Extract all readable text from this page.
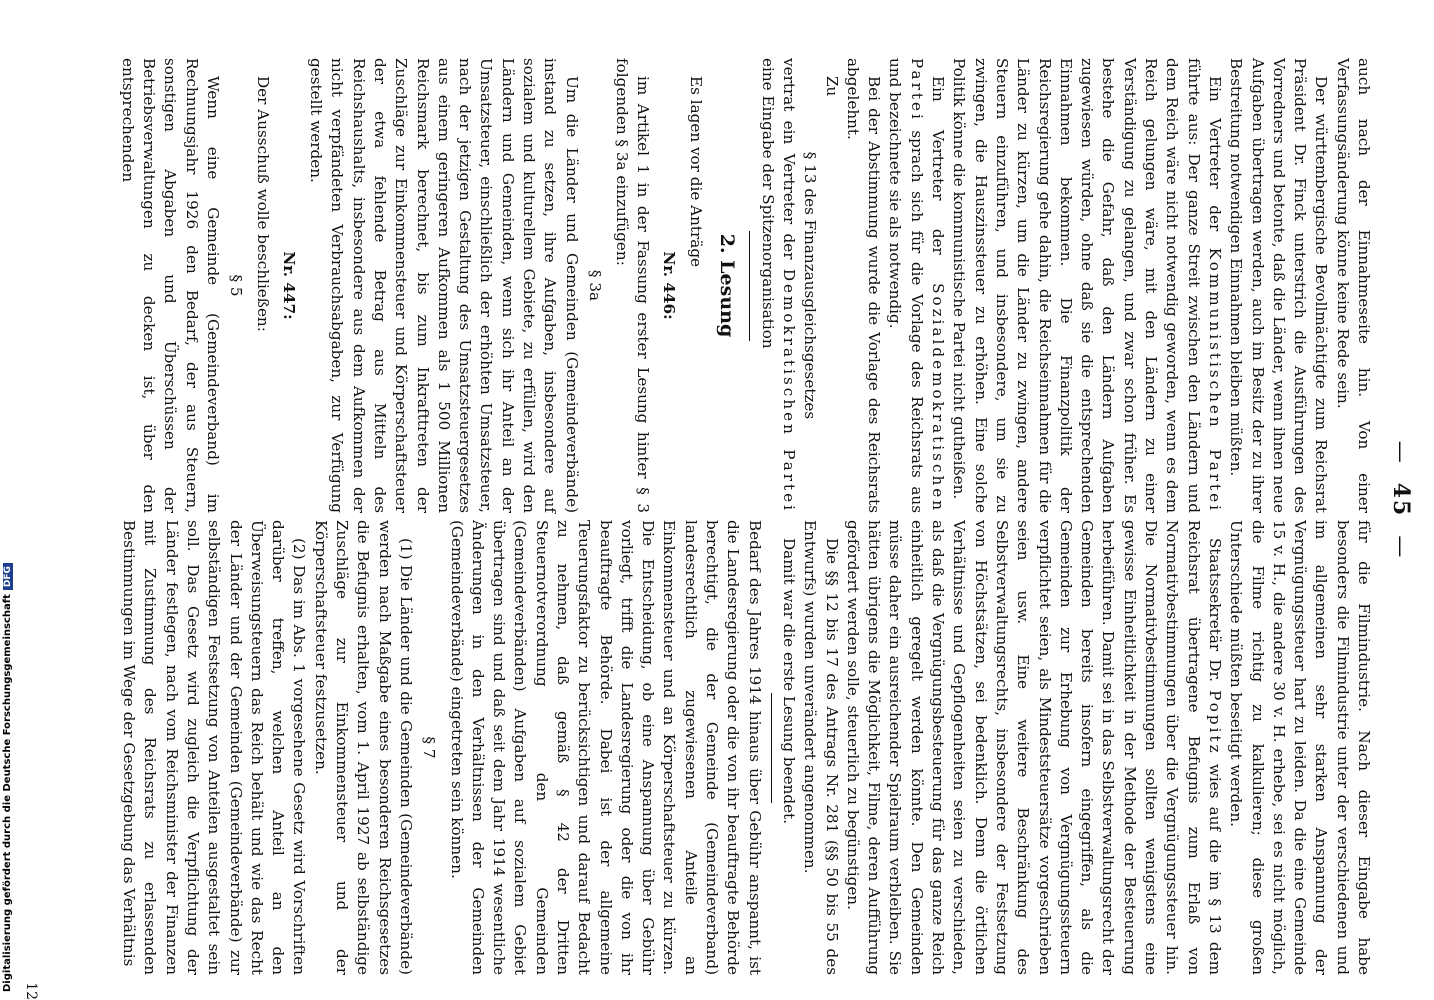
—45—

auch nach der Einnahmeseite hin. Von einer Verfassungsänderung könne keine Rede sein.

Der württembergische Bevollmächtigte zum Reichsrat Präsident Dr. Finck unterstrich die Ausführungen des Vorredners und betonte, daß die Länder, wenn ihnen neue Aufgaben übertragen werden, auch im Besitz der zu ihrer Bestreitung notwendigen Einnahmen bleiben müßten.

Ein Vertreter der Kommunistischen Partei führte aus: Der ganze Streit zwischen den Ländern und dem Reich wäre nicht notwendig geworden, wenn es dem Reich gelungen wäre, mit den Ländern zu einer Verständigung zu gelangen, und zwar schon früher. Es bestehe die Gefahr, daß den Ländern Aufgaben zugewiesen würden, ohne daß sie die entsprechenden Einnahmen bekommen. Die Finanzpolitik der Reichsregierung gehe dahin, die Reichseinnahmen für die Länder zu kürzen, um die Länder zu zwingen, andere Steuern einzuführen, und insbesondere, um sie zu zwingen, die Hauszinssteuer zu erhöhen. Eine solche Politik könne die kommunistische Partei nicht gutheißen.

Ein Vertreter der Sozialdemokratischen Partei sprach sich für die Vorlage des Reichsrats aus und bezeichnete sie als notwendig.

Bei der Abstimmung wurde die Vorlage des Reichsrats abgelehnt.

Zu

§ 13 des Finanzausgleichsgesetzes

vertrat ein Vertreter der Demokratischen Partei eine Eingabe der Spitzenorganisation

2. Lesung

Es lagen vor die Anträge

Nr. 446:

im Artikel 1 in der Fassung erster Lesung hinter § 3 folgenden § 3a einzufügen:

§ 3a

Um die Länder und Gemeinden (Gemeindeverbände) instand zu setzen, ihre Aufgaben, insbesondere auf sozialem und kulturellem Gebiete, zu erfüllen, wird den Ländern und Gemeinden, wenn sich ihr Anteil an der Umsatzsteuer, einschließlich der erhöhten Umsatzsteuer, nach der jetzigen Gestaltung des Umsatzsteuergesetzes aus einem geringeren Aufkommen als 1 500 Millionen Reichsmark berechnet, bis zum Inkrafttreten der Zuschläge zur Einkommensteuer und Körperschaftsteuer der etwa fehlende Betrag aus Mitteln des Reichshaushalts, insbesondere aus dem Aufkommen der nicht verpfändeten Verbrauchsabgaben, zur Verfügung gestellt werden.

Nr. 447:

Der Ausschuß wolle beschließen:

§ 5

Wenn eine Gemeinde (Gemeindeverband) im Rechnungsjahr 1926 den Bedarf, der aus Steuern, sonstigen Abgaben und Überschüssen der Betriebsverwaltungen zu decken ist, über den entsprechenden

für die Filmindustrie. Nach dieser Eingabe habe besonders die Filmindustrie unter der verschiedenen und im allgemeinen sehr starken Anspannung der Vergnügungssteuer hart zu leiden. Da die eine Gemeinde 15 v. H., die andere 30 v. H. erhebe, sei es nicht möglich, die Filme richtig zu kalkulieren; diese großen Unterschiede müßten beseitigt werden.

Staatssekretär Dr. Popitz wies auf die im § 13 dem Reichsrat übertragene Befugnis zum Erlaß von Normativbestimmungen über die Vergnügungssteuer hin. Die Normativbestimmungen sollten wenigstens eine gewisse Einheitlichkeit in der Methode der Besteuerung herbeiführen. Damit sei in das Selbstverwaltungsrecht der Gemeinden bereits insofern eingegriffen, als die Gemeinden zur Erhebung von Vergnügungssteuern verpflichtet seien, als Mindeststeuersätze vorgeschrieben seien usw. Eine weitere Beschränkung des Selbstverwaltungsrechts, insbesondere der Festsetzung von Höchstsätzen, sei bedenklich. Denn die örtlichen Verhältnisse und Gepflogenheiten seien zu verschieden, als daß die Vergnügungsbesteuerung für das ganze Reich einheitlich geregelt werden könnte. Den Gemeinden müsse daher ein ausreichender Spielraum verbleiben. Sie hätten übrigens die Möglichkeit, Filme, deren Aufführung gefördert werden solle, steuerlich zu begünstigen.

Die §§ 12 bis 17 des Antrags Nr. 281 (§§ 50 bis 55 des Entwurfs) wurden unverändert angenommen.

Damit war die erste Lesung beendet.

Bedarf des Jahres 1914 hinaus über Gebühr anspannt, ist die Landesregierung oder die von ihr beauftragte Behörde berechtigt, die der Gemeinde (Gemeindeverband) landesrechtlich zugewiesenen Anteile an Einkommensteuer und an Körperschaftsteuer zu kürzen. Die Entscheidung, ob eine Anspannung über Gebühr vorliegt, trifft die Landesregierung oder die von ihr beauftragte Behörde. Dabei ist der allgemeine Teuerungsfaktor zu berücksichtigen und darauf Bedacht zu nehmen, daß gemäß § 42 der Dritten Steuernotverordnung den Gemeinden (Gemeindeverbänden) Aufgaben auf sozialem Gebiet übertragen sind und daß seit dem Jahr 1914 wesentliche Änderungen in den Verhältnissen der Gemeinden (Gemeindeverbände) eingetreten sein können.

§ 7

(1) Die Länder und die Gemeinden (Gemeindeverbände) werden nach Maßgabe eines besonderen Reichsgesetzes die Befugnis erhalten, vom 1. April 1927 ab selbständige Zuschläge zur Einkommensteuer und der Körperschaftsteuer festzusetzen.

(2) Das im Abs. 1 vorgesehene Gesetz wird Vorschriften darüber treffen, welchen Anteil an den Überweisungsteuern das Reich behält und wie das Recht der Länder und der Gemeinden (Gemeindeverbände) zur selbständigen Festsetzung von Anteilen ausgestaltet sein soll. Das Gesetz wird zugleich die Verpflichtung der Länder festlegen, nach vom Reichsminister der Finanzen mit Zustimmung des Reichsrats zu erlassenden Bestimmungen im Wege der Gesetzgebung das Verhältnis

12
Digitalisierung gefördert durch die Deutsche ForschungsgemeinschaftDFG
